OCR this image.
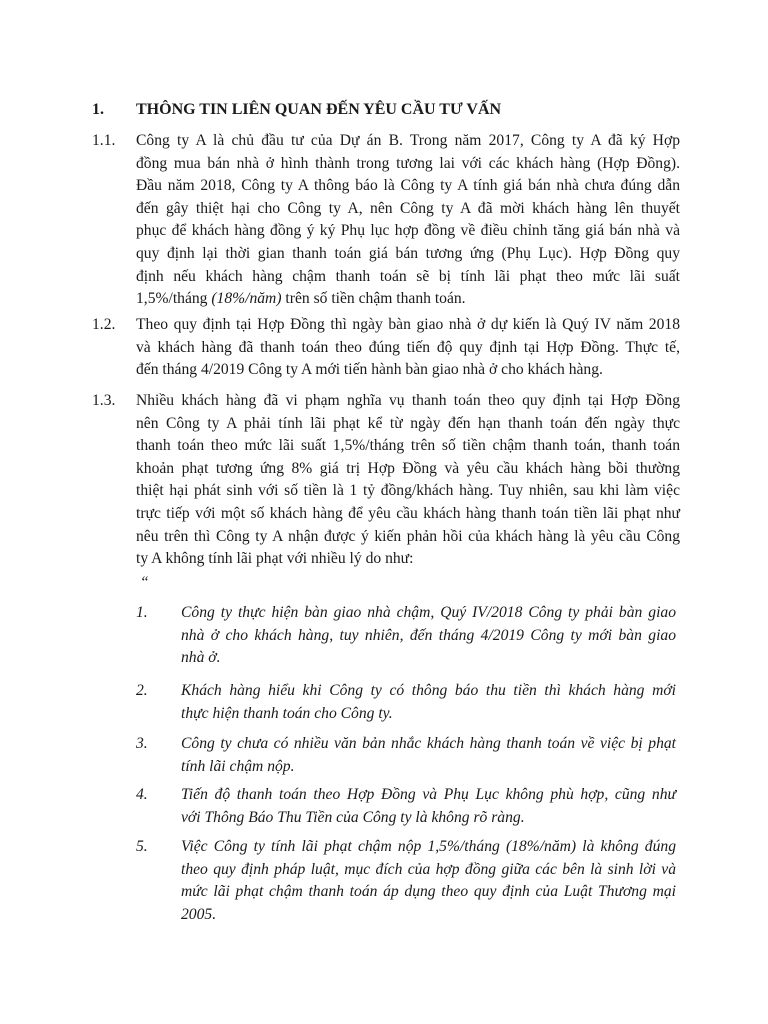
1. THÔNG TIN LIÊN QUAN ĐẾN YÊU CẦU TƯ VẤN
1.1. Công ty A là chủ đầu tư của Dự án B. Trong năm 2017, Công ty A đã ký Hợp
đồng mua bán nhà ở hình thành trong tương lai với các khách hàng (Hợp Đồng).
Đầu năm 2018, Công ty A thông báo là Công ty A tính giá bán nhà chưa đúng dẫn
đến gây thiệt hại cho Công ty A, nên Công ty A đã mời khách hàng lên thuyết
phục để khách hàng đồng ý ký Phụ lục hợp đồng về điều chỉnh tăng giá bán nhà và
quy định lại thời gian thanh toán giá bán tương ứng (Phụ Lục). Hợp Đồng quy
định nếu khách hàng chậm thanh toán sẽ bị tính lãi phạt theo mức lãi suất
1,5%/tháng (18%/năm) trên số tiền chậm thanh toán.
1.2. Theo quy định tại Hợp Đồng thì ngày bàn giao nhà ở dự kiến là Quý IV năm 2018
và khách hàng đã thanh toán theo đúng tiến độ quy định tại Hợp Đồng. Thực tế,
đến tháng 4/2019 Công ty A mới tiến hành bàn giao nhà ở cho khách hàng.
1.3. Nhiều khách hàng đã vi phạm nghĩa vụ thanh toán theo quy định tại Hợp Đồng
nên Công ty A phải tính lãi phạt kể từ ngày đến hạn thanh toán đến ngày thực
thanh toán theo mức lãi suất 1,5%/tháng trên số tiền chậm thanh toán, thanh toán
khoản phạt tương ứng 8% giá trị Hợp Đồng và yêu cầu khách hàng bồi thường
thiệt hại phát sinh với số tiền là 1 tỷ đồng/khách hàng. Tuy nhiên, sau khi làm việc
trực tiếp với một số khách hàng để yêu cầu khách hàng thanh toán tiền lãi phạt như
nêu trên thì Công ty A nhận được ý kiến phản hồi của khách hàng là yêu cầu Công
ty A không tính lãi phạt với nhiều lý do như:
“
1. Công ty thực hiện bàn giao nhà chậm, Quý IV/2018 Công ty phải bàn giao
nhà ở cho khách hàng, tuy nhiên, đến tháng 4/2019 Công ty mới bàn giao
nhà ở.
2. Khách hàng hiểu khi Công ty có thông báo thu tiền thì khách hàng mới
thực hiện thanh toán cho Công ty.
3. Công ty chưa có nhiều văn bản nhắc khách hàng thanh toán về việc bị phạt
tính lãi chậm nộp.
4. Tiến độ thanh toán theo Hợp Đồng và Phụ Lục không phù hợp, cũng như
với Thông Báo Thu Tiền của Công ty là không rõ ràng.
5. Việc Công ty tính lãi phạt chậm nộp 1,5%/tháng (18%/năm) là không đúng
theo quy định pháp luật, mục đích của hợp đồng giữa các bên là sinh lời và
mức lãi phạt chậm thanh toán áp dụng theo quy định của Luật Thương mại
2005.
